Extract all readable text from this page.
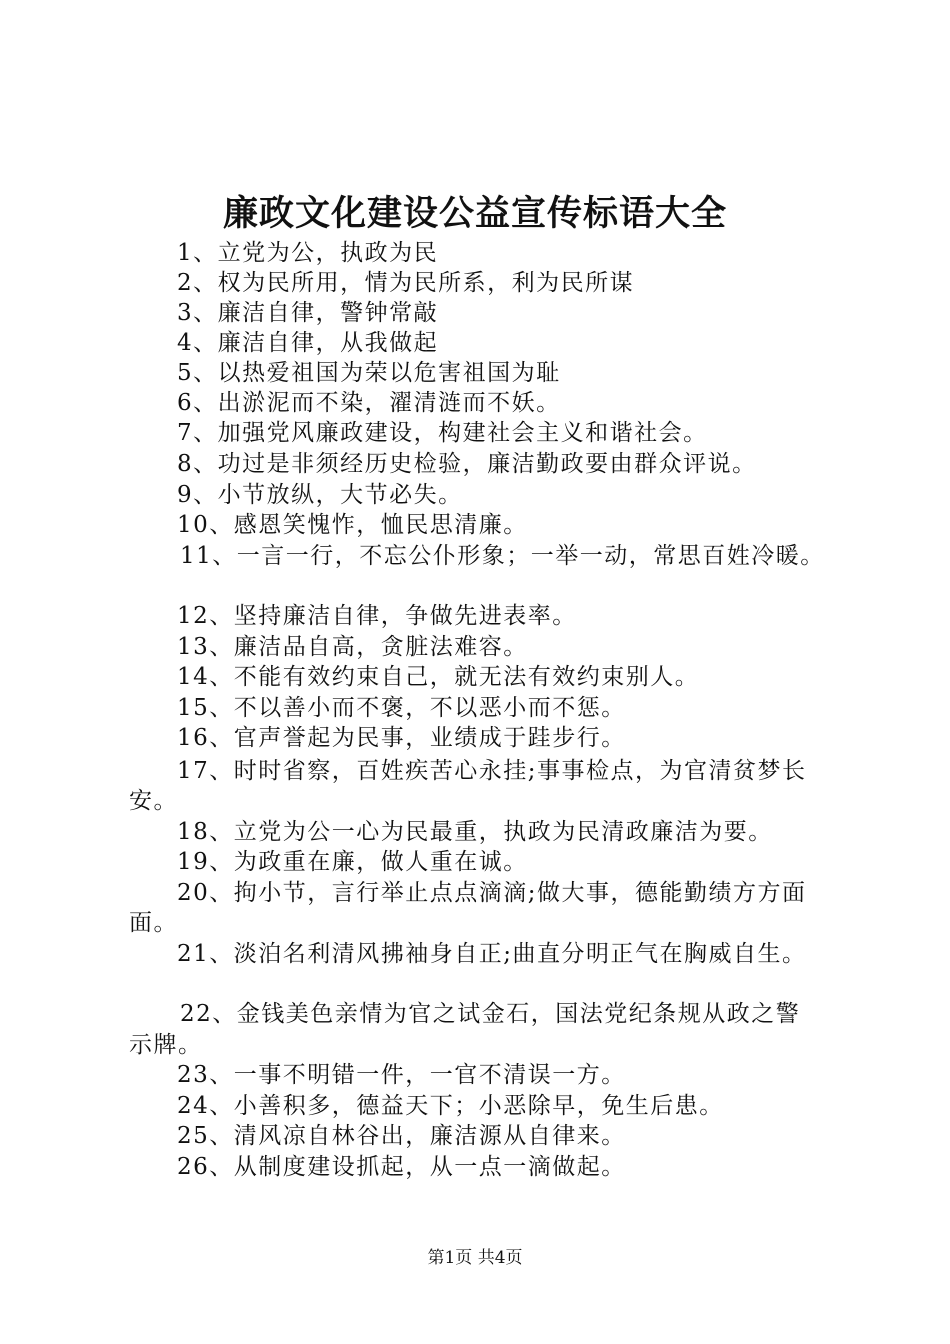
廉政文化建设公益宣传标语大全
1、立党为公，执政为民
2、权为民所用，情为民所系，利为民所谋
3、廉洁自律，警钟常敲
4、廉洁自律，从我做起
5、以热爱祖国为荣以危害祖国为耻
6、出淤泥而不染，濯清涟而不妖。
7、加强党风廉政建设，构建社会主义和谐社会。
8、功过是非须经历史检验，廉洁勤政要由群众评说。
9、小节放纵，大节必失。
10、感恩笑愧怍，恤民思清廉。
11、一言一行，不忘公仆形象；一举一动，常思百姓冷暖。
12、坚持廉洁自律，争做先进表率。
13、廉洁品自高，贪脏法难容。
14、不能有效约束自己，就无法有效约束别人。
15、不以善小而不褒，不以恶小而不惩。
16、官声誉起为民事，业绩成于跬步行。
17、时时省察，百姓疾苦心永挂;事事检点，为官清贫梦长
安。
18、立党为公一心为民最重，执政为民清政廉洁为要。
19、为政重在廉，做人重在诚。
20、拘小节，言行举止点点滴滴;做大事，德能勤绩方方面
面。
21、淡泊名利清风拂袖身自正;曲直分明正气在胸威自生。
22、金钱美色亲情为官之试金石，国法党纪条规从政之警
示牌。
23、一事不明错一件，一官不清误一方。
24、小善积多，德益天下；小恶除早，免生后患。
25、清风凉自林谷出，廉洁源从自律来。
26、从制度建设抓起，从一点一滴做起。
第1页 共4页
